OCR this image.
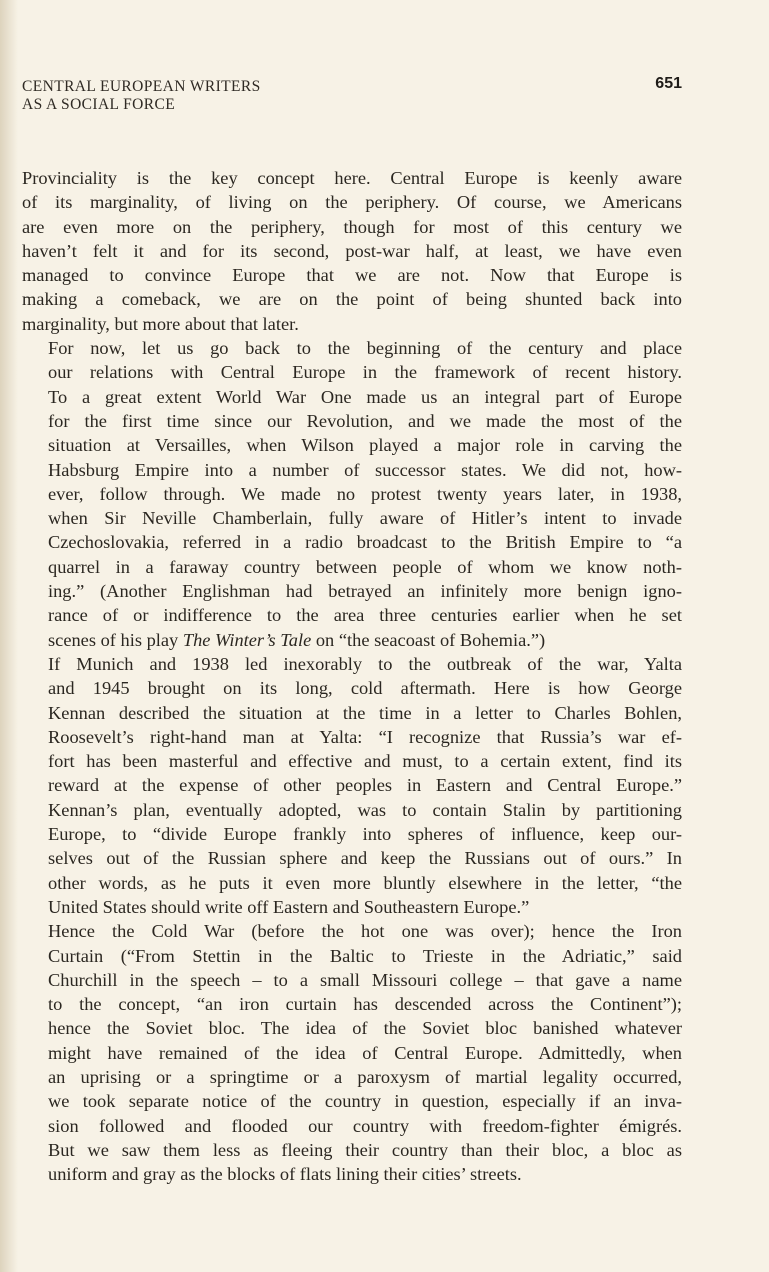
CENTRAL EUROPEAN WRITERS
AS A SOCIAL FORCE
651

Provinciality is the key concept here. Central Europe is keenly aware
of its marginality, of living on the periphery. Of course, we Americans
are even more on the periphery, though for most of this century we
haven’t felt it and for its second, post-war half, at least, we have even
managed to convince Europe that we are not. Now that Europe is
making a comeback, we are on the point of being shunted back into
marginality, but more about that later.

For now, let us go back to the beginning of the century and place
our relations with Central Europe in the framework of recent history.
To a great extent World War One made us an integral part of Europe
for the first time since our Revolution, and we made the most of the
situation at Versailles, when Wilson played a major role in carving the
Habsburg Empire into a number of successor states. We did not, how-
ever, follow through. We made no protest twenty years later, in 1938,
when Sir Neville Chamberlain, fully aware of Hitler’s intent to invade
Czechoslovakia, referred in a radio broadcast to the British Empire to “a
quarrel in a faraway country between people of whom we know noth-
ing.” (Another Englishman had betrayed an infinitely more benign igno-
rance of or indifference to the area three centuries earlier when he set
scenes of his play The Winter’s Tale on “the seacoast of Bohemia.”)

If Munich and 1938 led inexorably to the outbreak of the war, Yalta
and 1945 brought on its long, cold aftermath. Here is how George
Kennan described the situation at the time in a letter to Charles Bohlen,
Roosevelt’s right-hand man at Yalta: “I recognize that Russia’s war ef-
fort has been masterful and effective and must, to a certain extent, find its
reward at the expense of other peoples in Eastern and Central Europe.”
Kennan’s plan, eventually adopted, was to contain Stalin by partitioning
Europe, to “divide Europe frankly into spheres of influence, keep our-
selves out of the Russian sphere and keep the Russians out of ours.” In
other words, as he puts it even more bluntly elsewhere in the letter, “the
United States should write off Eastern and Southeastern Europe.”

Hence the Cold War (before the hot one was over); hence the Iron
Curtain (“From Stettin in the Baltic to Trieste in the Adriatic,” said
Churchill in the speech – to a small Missouri college – that gave a name
to the concept, “an iron curtain has descended across the Continent”);
hence the Soviet bloc. The idea of the Soviet bloc banished whatever
might have remained of the idea of Central Europe. Admittedly, when
an uprising or a springtime or a paroxysm of martial legality occurred,
we took separate notice of the country in question, especially if an inva-
sion followed and flooded our country with freedom-fighter émigrés.
But we saw them less as fleeing their country than their bloc, a bloc as
uniform and gray as the blocks of flats lining their cities’ streets.
